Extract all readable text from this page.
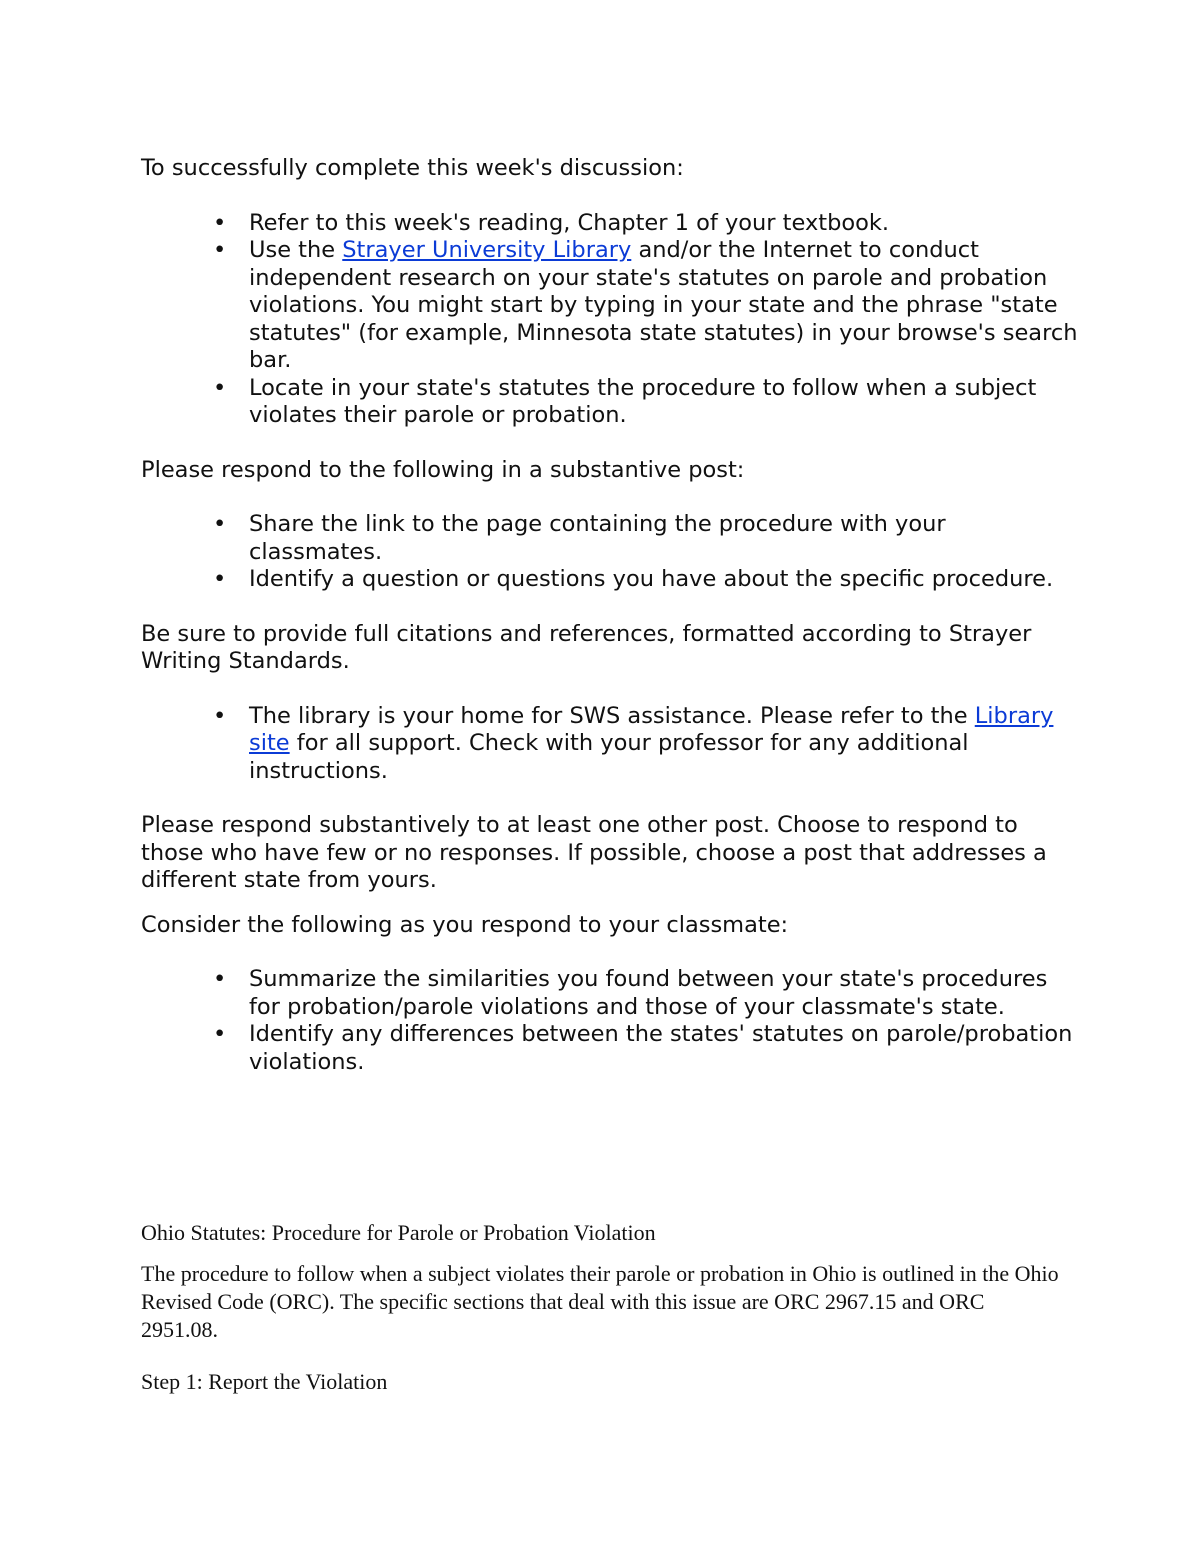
To successfully complete this week's discussion:

• Refer to this week's reading, Chapter 1 of your textbook.
• Use the Strayer University Library and/or the Internet to conduct independent research on your state's statutes on parole and probation violations. You might start by typing in your state and the phrase "state statutes" (for example, Minnesota state statutes) in your browse's search bar.
• Locate in your state's statutes the procedure to follow when a subject violates their parole or probation.

Please respond to the following in a substantive post:

• Share the link to the page containing the procedure with your classmates.
• Identify a question or questions you have about the specific procedure.

Be sure to provide full citations and references, formatted according to Strayer Writing Standards.

• The library is your home for SWS assistance. Please refer to the Library site for all support. Check with your professor for any additional instructions.

Please respond substantively to at least one other post. Choose to respond to those who have few or no responses. If possible, choose a post that addresses a different state from yours.

Consider the following as you respond to your classmate:

• Summarize the similarities you found between your state's procedures for probation/parole violations and those of your classmate's state.
• Identify any differences between the states' statutes on parole/probation violations.

Ohio Statutes: Procedure for Parole or Probation Violation

The procedure to follow when a subject violates their parole or probation in Ohio is outlined in the Ohio Revised Code (ORC). The specific sections that deal with this issue are ORC 2967.15 and ORC 2951.08.

Step 1: Report the Violation
